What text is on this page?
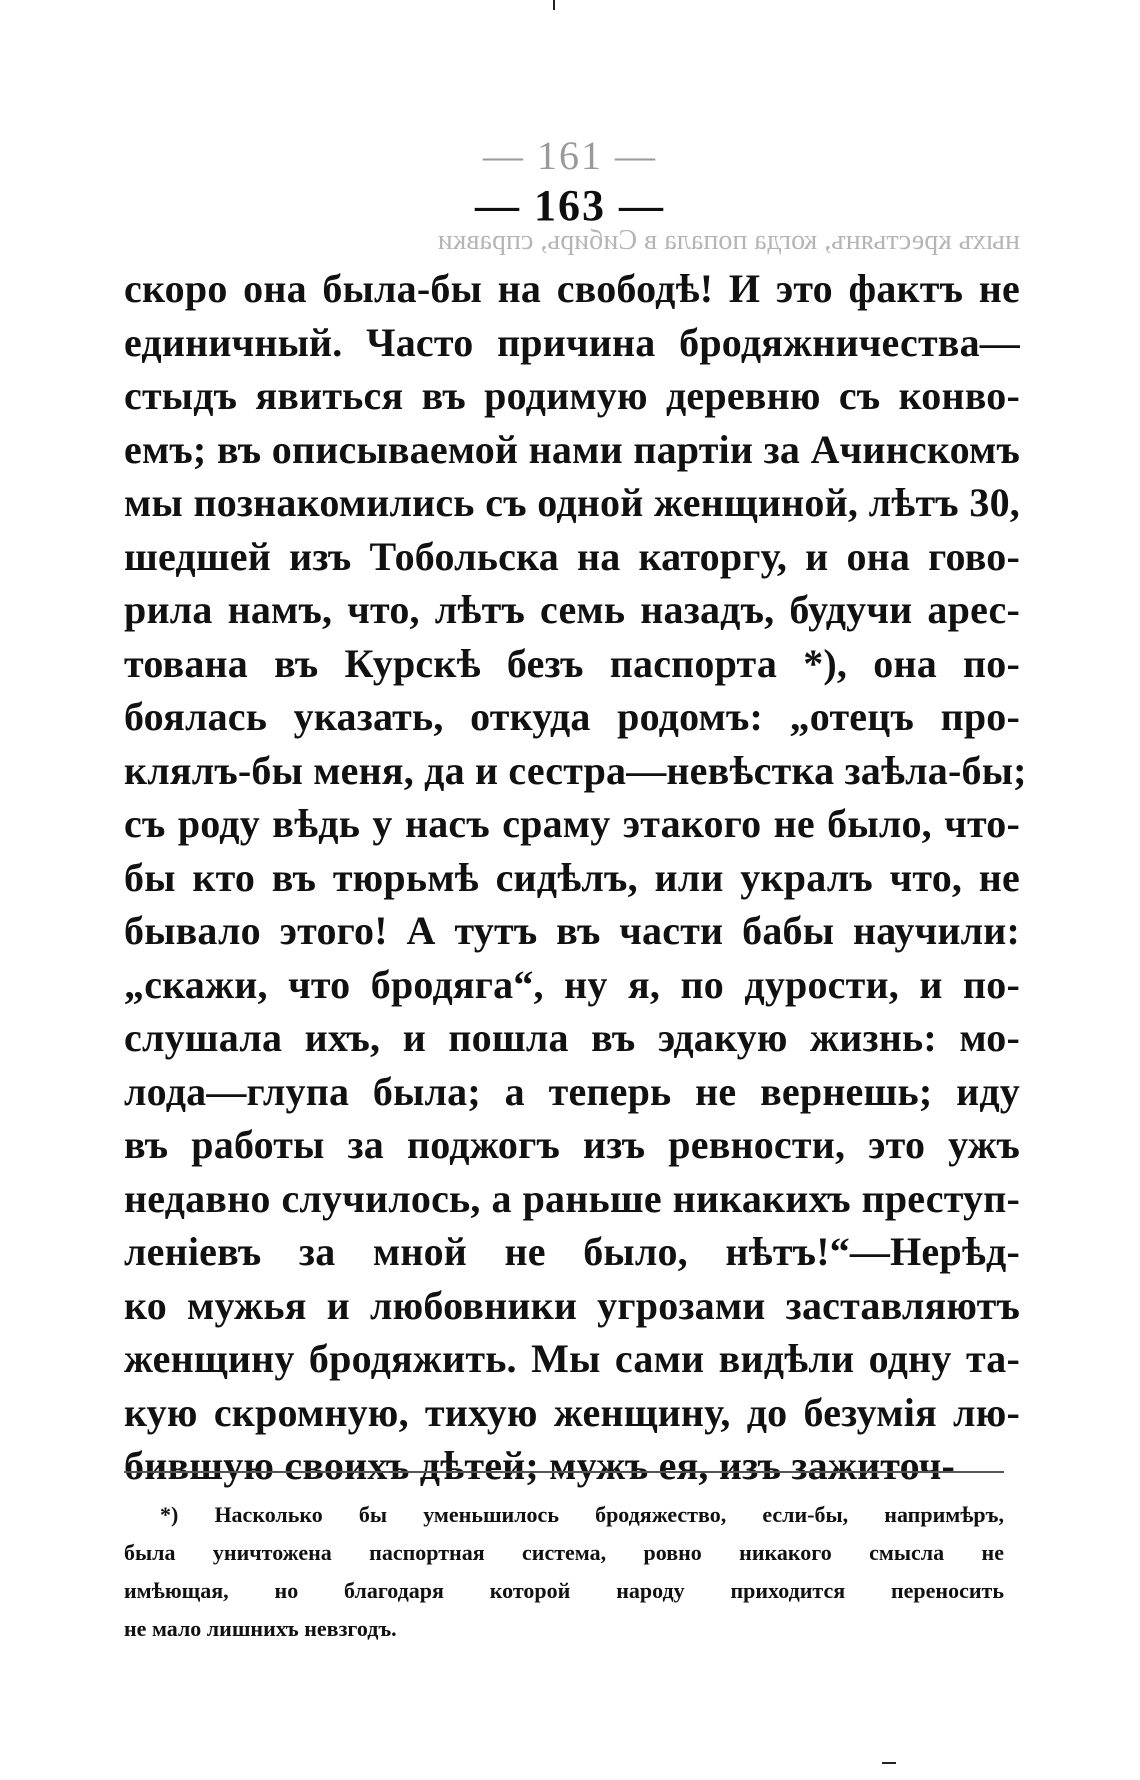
— 161 —
— 163 —
ныхъ крестьянъ, когда попала в Сибирь, справки
скоро она была-бы на свободѣ! И это фактъ не
единичный. Часто причина бродяжничества—
стыдъ явиться въ родимую деревню съ конво-
емъ; въ описываемой нами партіи за Ачинскомъ
мы познакомились съ одной женщиной, лѣтъ 30,
шедшей изъ Тобольска на каторгу, и она гово-
рила намъ, что, лѣтъ семь назадъ, будучи арес-
тована въ Курскѣ безъ паспорта *), она по-
боялась указать, откуда родомъ: „отецъ про-
клялъ-бы меня, да и сестра—невѣстка заѣла-бы;
съ роду вѣдь у насъ сраму этакого не было, что-
бы кто въ тюрьмѣ сидѣлъ, или укралъ что, не
бывало этого! А тутъ въ части бабы научили:
„скажи, что бродяга“, ну я, по дурости, и по-
слушала ихъ, и пошла въ эдакую жизнь: мо-
лода—глупа была; а теперь не вернешь; иду
въ работы за поджогъ изъ ревности, это ужъ
недавно случилось, а раньше никакихъ преступ-
леніевъ за мной не было, нѣтъ!“—Нерѣд-
ко мужья и любовники угрозами заставляютъ
женщину бродяжить. Мы сами видѣли одну та-
кую скромную, тихую женщину, до безумія лю-
бившую своихъ дѣтей; мужъ ея, изъ зажиточ-
*) Насколько бы уменьшилось бродяжество, если-бы, напримѣръ,
была уничтожена паспортная система, ровно никакого смысла не
имѣющая, но благодаря которой народу приходится переносить
не мало лишнихъ невзгодъ.
